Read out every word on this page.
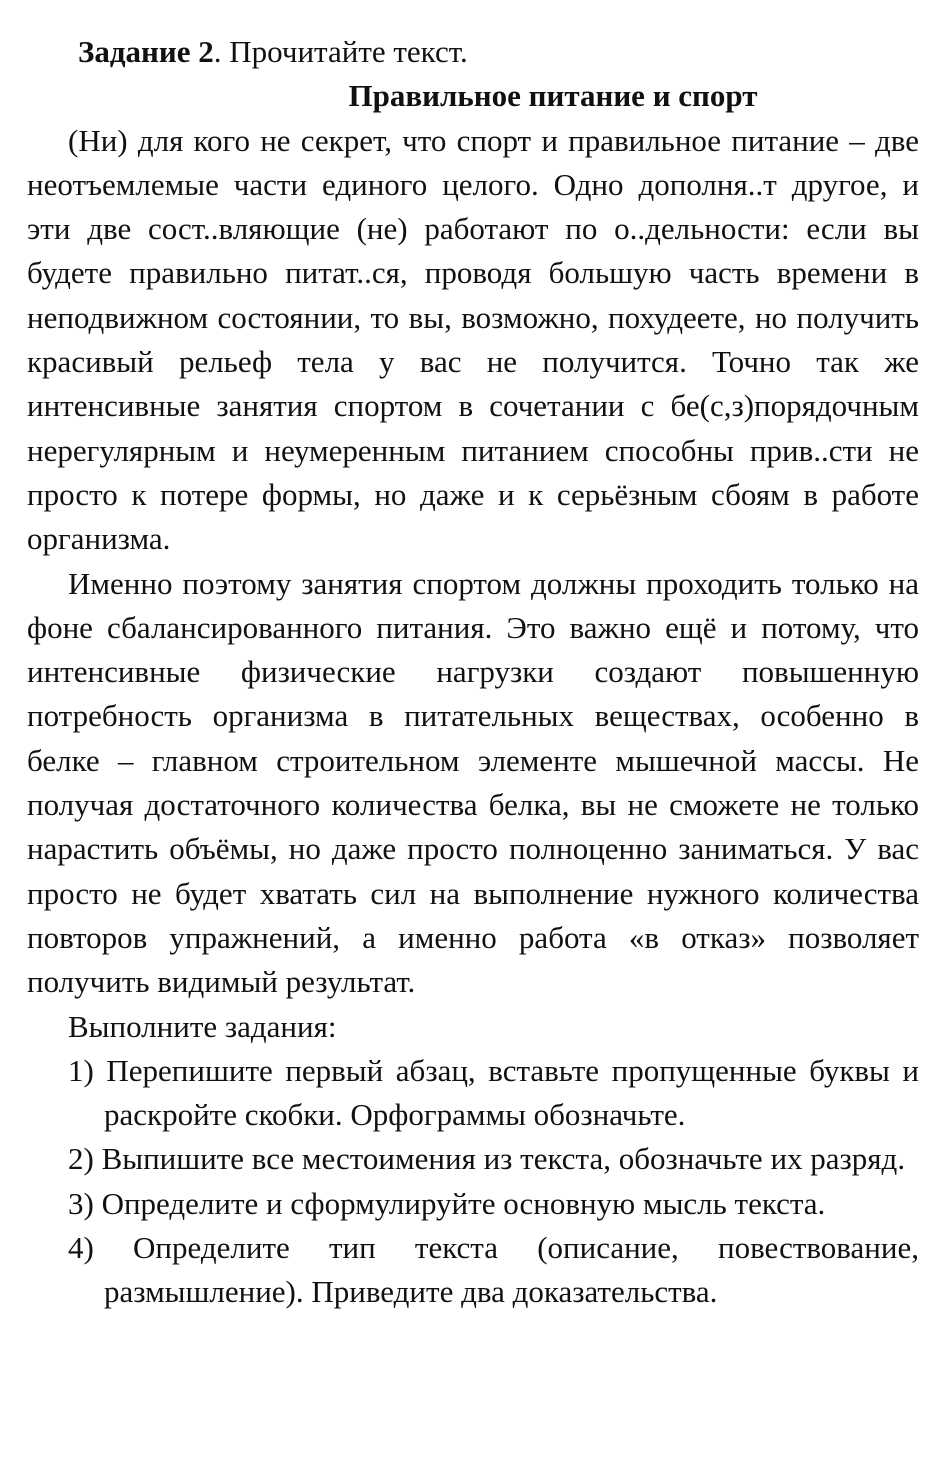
Задание 2. Прочитайте текст.

Правильное питание и спорт

(Ни) для кого не секрет, что спорт и правильное питание – две неотъемлемые части единого целого. Одно дополня..т другое, и эти две сост..вляющие (не) работают по о..дельности: если вы будете правильно питат..ся, проводя большую часть времени в неподвижном состоянии, то вы, возможно, похудеете, но получить красивый рельеф тела у вас не получится. Точно так же интенсивные занятия спортом в сочетании с бе(с,з)порядочным нерегулярным и неумеренным питанием способны прив..сти не просто к потере формы, но даже и к серьёзным сбоям в работе организма.

Именно поэтому занятия спортом должны проходить только на фоне сбалансированного питания. Это важно ещё и потому, что интенсивные физические нагрузки создают повышенную потребность организма в питательных веществах, особенно в белке – главном строительном элементе мышечной массы. Не получая достаточного количества белка, вы не сможете не только нарастить объёмы, но даже просто полноценно заниматься. У вас просто не будет хватать сил на выполнение нужного количества повторов упражнений, а именно работа «в отказ» позволяет получить видимый результат.

Выполните задания:

1) Перепишите первый абзац, вставьте пропущенные буквы и раскройте скобки. Орфограммы обозначьте.
2) Выпишите все местоимения из текста, обозначьте их разряд.
3) Определите и сформулируйте основную мысль текста.
4) Определите тип текста (описание, повествование, размышление). Приведите два доказательства.
